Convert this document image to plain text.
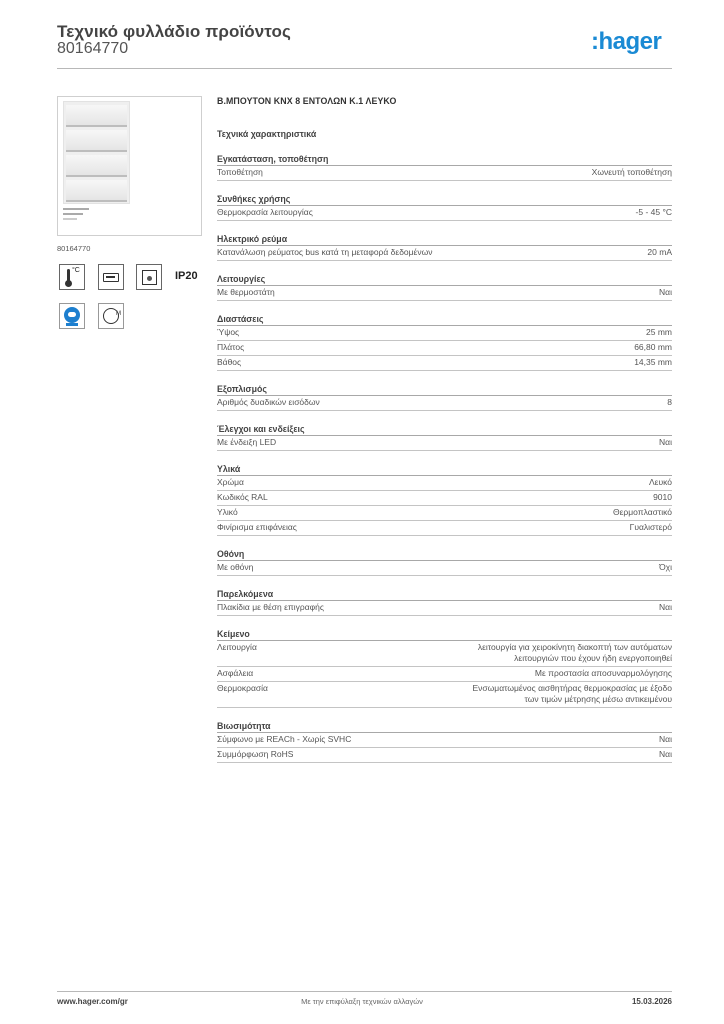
Τεχνικό φυλλάδιο προϊόντος
80164770	:hager
80164770
°C	IP20
M
Β.ΜΠΟΥΤΟΝ KNX 8 ΕΝΤΟΛΩΝ Κ.1 ΛΕΥΚΟ
Τεχνικά χαρακτηριστικά
Εγκατάσταση, τοποθέτηση
Τοποθέτηση	Χωνευτή τοποθέτηση
Συνθήκες χρήσης
Θερμοκρασία λειτουργίας	-5 - 45 °C
Ηλεκτρικό ρεύμα
Κατανάλωση ρεύματος bus κατά τη μεταφορά δεδομένων	20 mA
Λειτουργίες
Με θερμοστάτη	Ναι
Διαστάσεις
Ύψος	25 mm
Πλάτος	66,80 mm
Βάθος	14,35 mm
Εξοπλισμός
Αριθμός δυαδικών εισόδων	8
Έλεγχοι και ενδείξεις
Με ένδειξη LED	Ναι
Υλικά
Χρώμα	Λευκό
Κωδικός RAL	9010
Υλικό	Θερμοπλαστικό
Φινίρισμα επιφάνειας	Γυαλιστερό
Οθόνη
Με οθόνη	Όχι
Παρελκόμενα
Πλακίδια με θέση επιγραφής	Ναι
Κείμενο
Λειτουργία	λειτουργία για χειροκίνητη διακοπτή των αυτόματων λειτουργιών που έχουν ήδη ενεργοποιηθεί
Ασφάλεια	Με προστασία αποσυναρμολόγησης
Θερμοκρασία	Ενσωματωμένος αισθητήρας θερμοκρασίας με έξοδο των τιμών μέτρησης μέσω αντικειμένου
Βιωσιμότητα
Σύμφωνο με REACh - Χωρίς SVHC	Ναι
Συμμόρφωση RoHS	Ναι
www.hager.com/gr	Με την επιφύλαξη τεχνικών αλλαγών	15.03.2026
